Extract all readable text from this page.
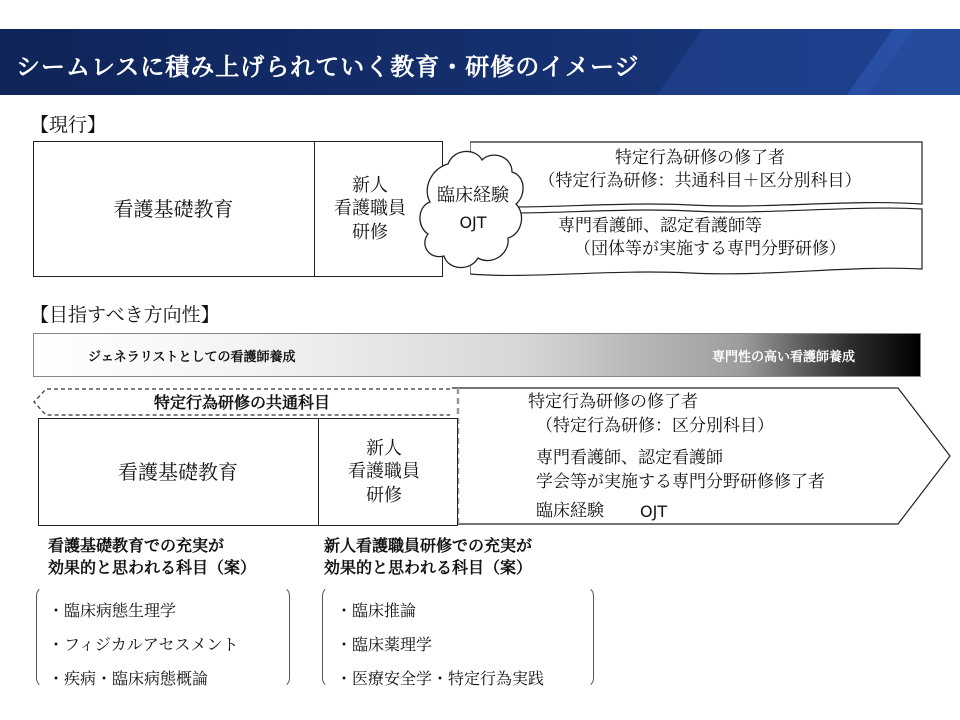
シームレスに積み上げられていく教育・研修のイメージ
【現行】
看護基礎教育
新人
看護職員
研修
特定行為研修の修了者
（特定行為研修：共通科目＋区分別科目）
専門看護師、認定看護師等
（団体等が実施する専門分野研修）
臨床経験
OJT
【目指すべき方向性】
ジェネラリストとしての看護師養成	専門性の高い看護師養成
特定行為研修の共通科目
看護基礎教育
新人
看護職員
研修
特定行為研修の修了者
（特定行為研修：区分別科目）
専門看護師、認定看護師
学会等が実施する専門分野研修修了者
臨床経験 OJT
看護基礎教育での充実が
効果的と思われる科目（案）
・臨床病態生理学
・フィジカルアセスメント
・疾病・臨床病態概論
新人看護職員研修での充実が
効果的と思われる科目（案）
・臨床推論
・臨床薬理学
・医療安全学・特定行為実践
